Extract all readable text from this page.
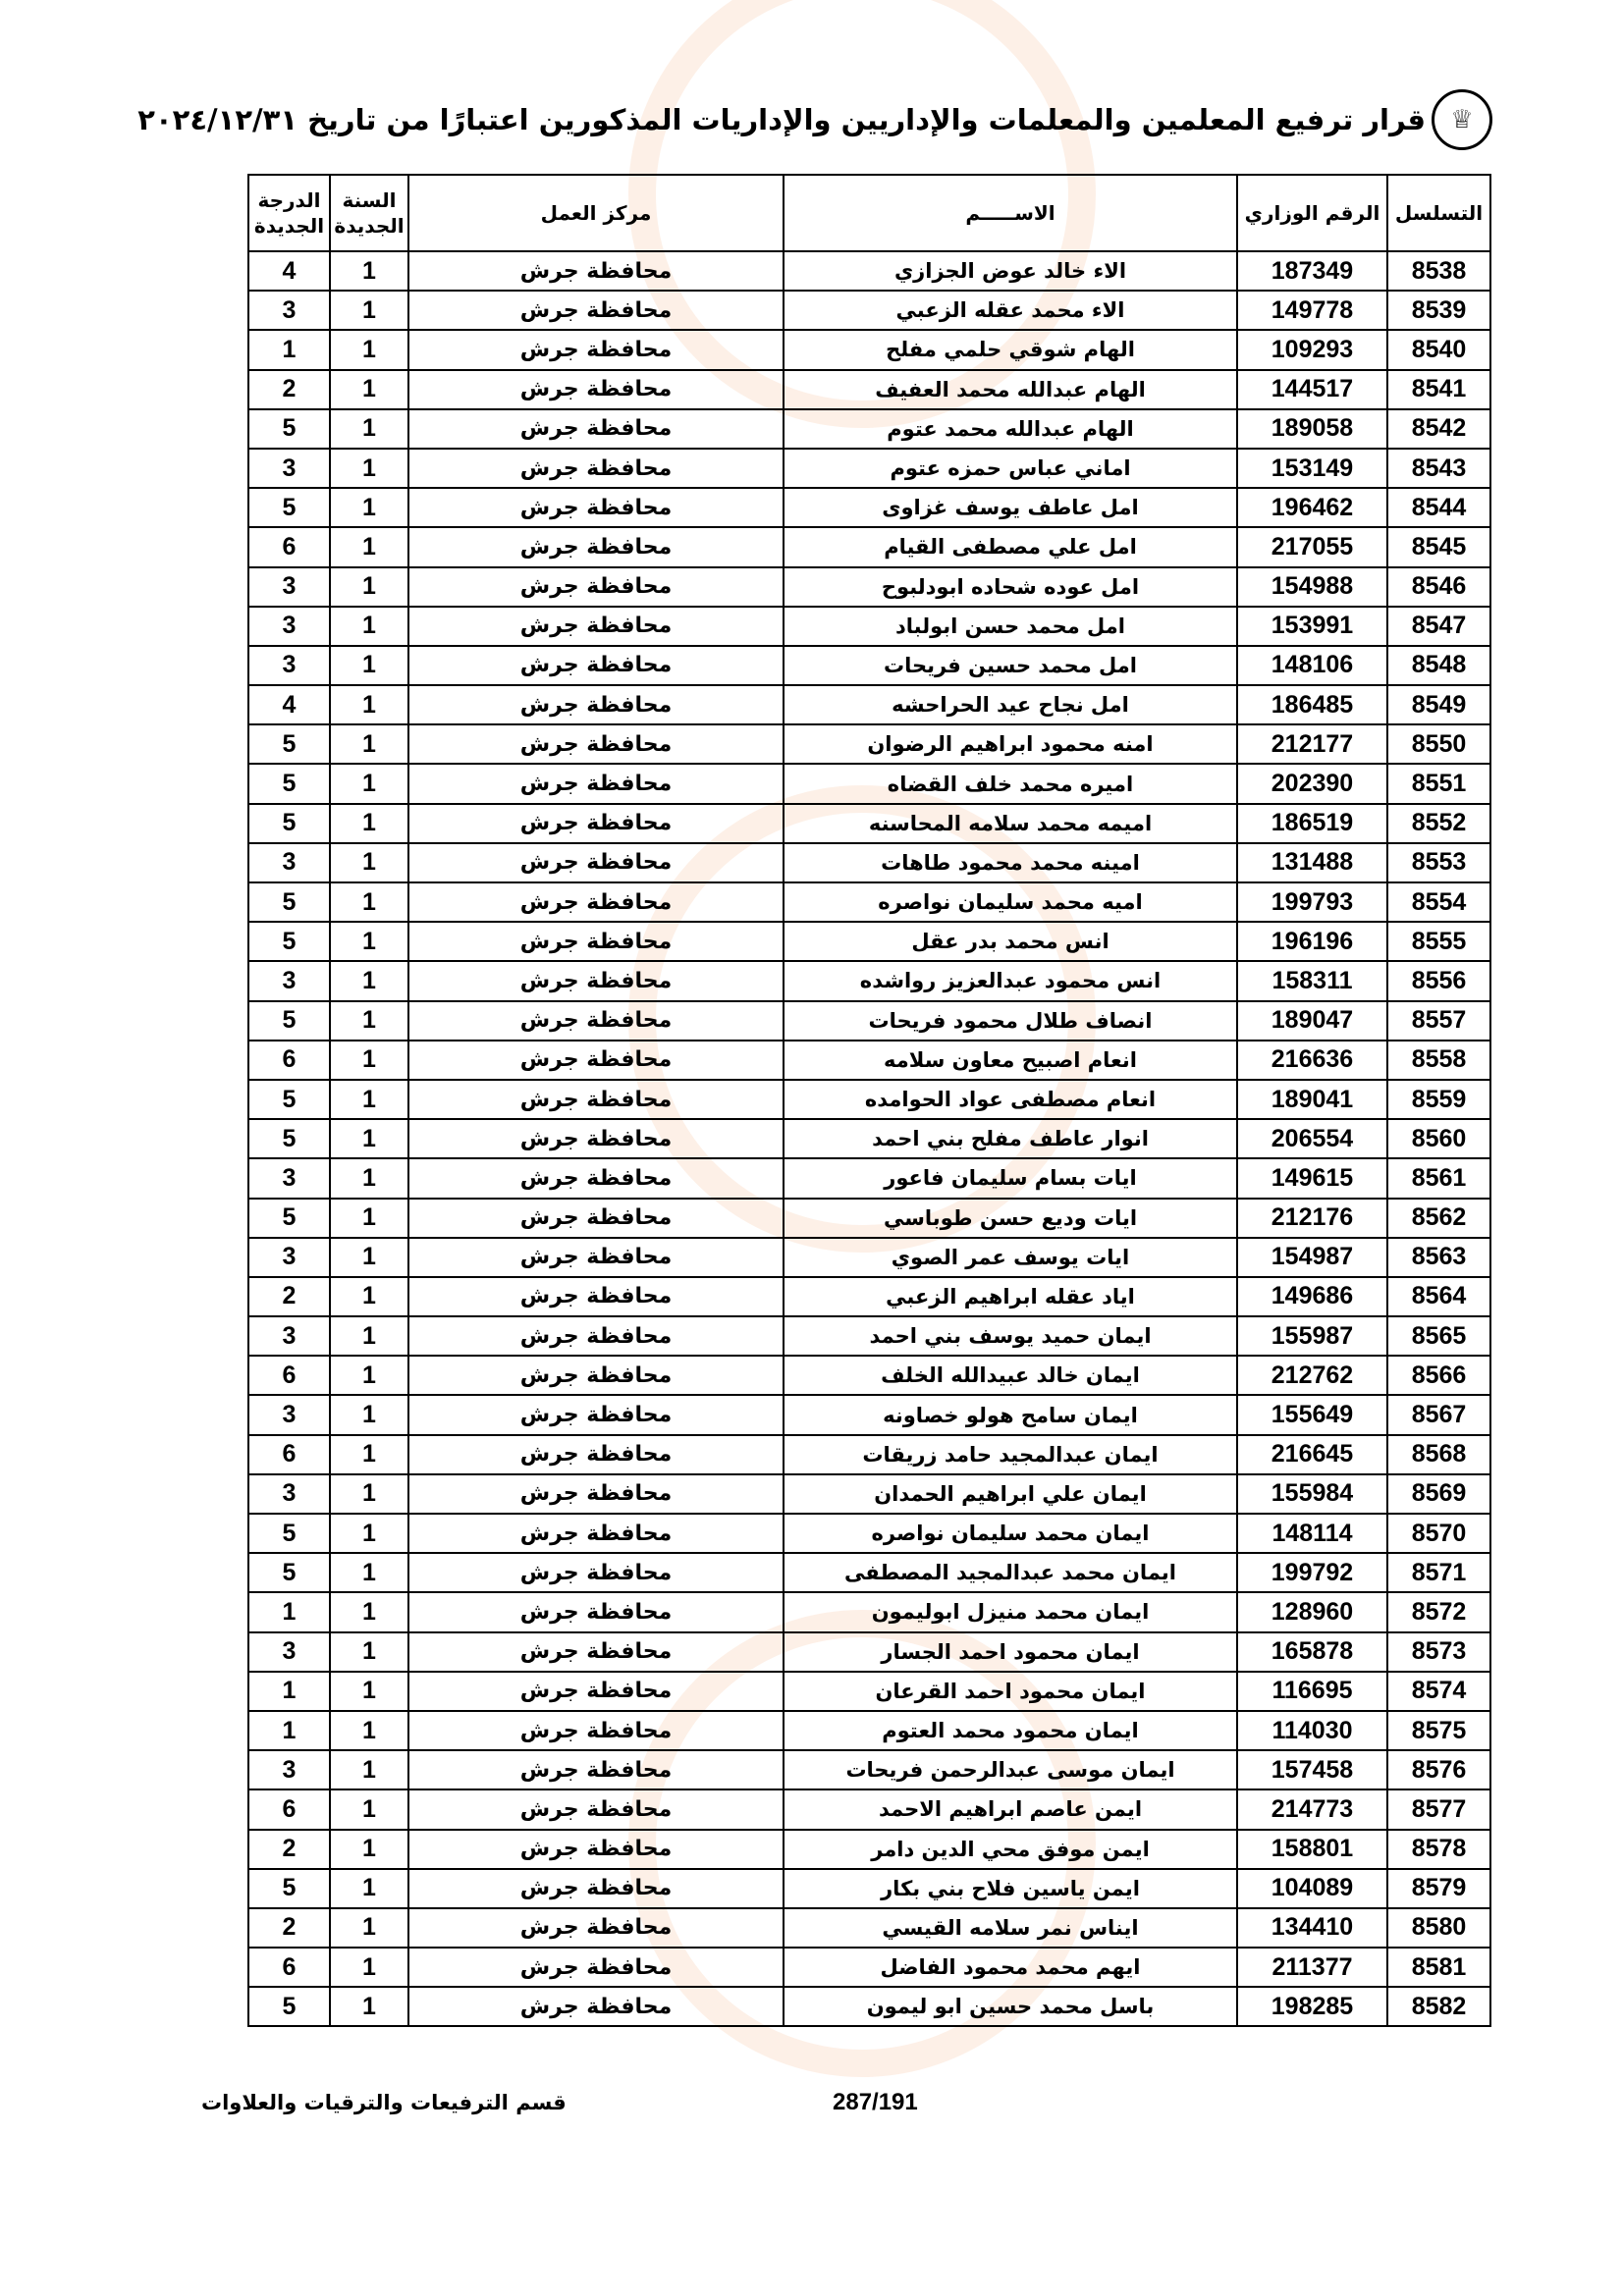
♕
قرار ترفيع المعلمين والمعلمات والإداريين والإداريات المذكورين اعتبارًا من تاريخ ٢٠٢٤/١٢/٣١
التسلسل	الرقم الوزاري	الاســـــم	مركز العمل	السنة الجديدة	الدرجة الجديدة
8538	187349	الاء خالد عوض الجزازي	محافظة جرش	1	4
8539	149778	الاء محمد عقله الزعبي	محافظة جرش	1	3
8540	109293	الهام شوقي حلمي مفلح	محافظة جرش	1	1
8541	144517	الهام عبدالله محمد العفيف	محافظة جرش	1	2
8542	189058	الهام عبدالله محمد عتوم	محافظة جرش	1	5
8543	153149	اماني عباس حمزه عتوم	محافظة جرش	1	3
8544	196462	امل عاطف يوسف غزاوى	محافظة جرش	1	5
8545	217055	امل علي مصطفى القيام	محافظة جرش	1	6
8546	154988	امل عوده شحاده ابودلبوح	محافظة جرش	1	3
8547	153991	امل محمد حسن ابولباد	محافظة جرش	1	3
8548	148106	امل محمد حسين فريحات	محافظة جرش	1	3
8549	186485	امل نجاح عيد الحراحشه	محافظة جرش	1	4
8550	212177	امنه محمود ابراهيم الرضوان	محافظة جرش	1	5
8551	202390	اميره محمد خلف القضاه	محافظة جرش	1	5
8552	186519	اميمه محمد سلامه المحاسنه	محافظة جرش	1	5
8553	131488	امينه محمد محمود طاهات	محافظة جرش	1	3
8554	199793	اميه محمد سليمان نواصره	محافظة جرش	1	5
8555	196196	انس محمد بدر عقل	محافظة جرش	1	5
8556	158311	انس محمود عبدالعزيز رواشده	محافظة جرش	1	3
8557	189047	انصاف طلال محمود فريحات	محافظة جرش	1	5
8558	216636	انعام اصبيح معاون سلامه	محافظة جرش	1	6
8559	189041	انعام مصطفى عواد الحوامده	محافظة جرش	1	5
8560	206554	انوار عاطف مفلح بني احمد	محافظة جرش	1	5
8561	149615	ايات بسام سليمان فاعور	محافظة جرش	1	3
8562	212176	ايات وديع حسن طوباسي	محافظة جرش	1	5
8563	154987	ايات يوسف عمر الصوي	محافظة جرش	1	3
8564	149686	اياد عقله ابراهيم الزعبي	محافظة جرش	1	2
8565	155987	ايمان حميد يوسف بني احمد	محافظة جرش	1	3
8566	212762	ايمان خالد عبيدالله الخلف	محافظة جرش	1	6
8567	155649	ايمان سامح هولو خصاونه	محافظة جرش	1	3
8568	216645	ايمان عبدالمجيد حامد زريقات	محافظة جرش	1	6
8569	155984	ايمان علي ابراهيم الحمدان	محافظة جرش	1	3
8570	148114	ايمان محمد سليمان نواصره	محافظة جرش	1	5
8571	199792	ايمان محمد عبدالمجيد المصطفى	محافظة جرش	1	5
8572	128960	ايمان محمد منيزل ابوليمون	محافظة جرش	1	1
8573	165878	ايمان محمود احمد الجسار	محافظة جرش	1	3
8574	116695	ايمان محمود احمد القرعان	محافظة جرش	1	1
8575	114030	ايمان محمود محمد العتوم	محافظة جرش	1	1
8576	157458	ايمان موسى عبدالرحمن فريحات	محافظة جرش	1	3
8577	214773	ايمن عاصم ابراهيم الاحمد	محافظة جرش	1	6
8578	158801	ايمن موفق محي الدين دامر	محافظة جرش	1	2
8579	104089	ايمن ياسين فلاح بني بكار	محافظة جرش	1	5
8580	134410	ايناس نمر سلامه القيسي	محافظة جرش	1	2
8581	211377	ايهم محمد محمود الفاضل	محافظة جرش	1	6
8582	198285	باسل محمد حسين ابو ليمون	محافظة جرش	1	5
قسم الترفيعات والترقيات والعلاوات	287/191
